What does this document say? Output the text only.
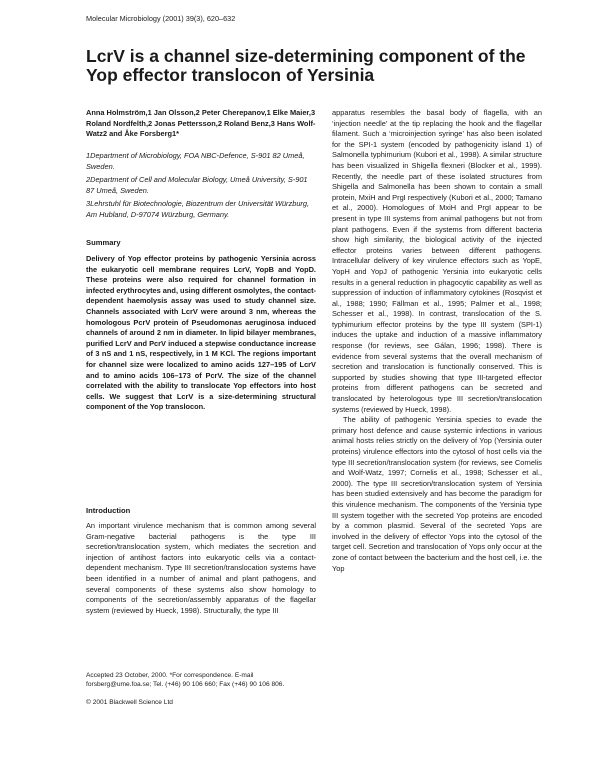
Molecular Microbiology (2001) 39(3), 620–632
LcrV is a channel size-determining component of the Yop effector translocon of Yersinia
Anna Holmström,1 Jan Olsson,2 Peter Cherepanov,1 Elke Maier,3 Roland Nordfelth,2 Jonas Pettersson,2 Roland Benz,3 Hans Wolf-Watz2 and Åke Forsberg1*
1Department of Microbiology, FOA NBC-Defence, S-901 82 Umeå, Sweden.
2Department of Cell and Molecular Biology, Umeå University, S-901 87 Umeå, Sweden.
3Lehrstuhl für Biotechnologie, Biozentrum der Universität Würzburg, Am Hubland, D-97074 Würzburg, Germany.
Summary

Delivery of Yop effector proteins by pathogenic Yersinia across the eukaryotic cell membrane requires LcrV, YopB and YopD. These proteins were also required for channel formation in infected erythrocytes and, using different osmolytes, the contact-dependent haemolysis assay was used to study channel size. Channels associated with LcrV were around 3 nm, whereas the homologous PcrV protein of Pseudomonas aeruginosa induced channels of around 2 nm in diameter. In lipid bilayer membranes, purified LcrV and PcrV induced a stepwise conductance increase of 3 nS and 1 nS, respectively, in 1 M KCl. The regions important for channel size were localized to amino acids 127–195 of LcrV and to amino acids 106–173 of PcrV. The size of the channel correlated with the ability to translocate Yop effectors into host cells. We suggest that LcrV is a size-determining structural component of the Yop translocon.

Introduction

An important virulence mechanism that is common among several Gram-negative bacterial pathogens is the type III secretion/translocation system, which mediates the secretion and injection of antihost factors into eukaryotic cells via a contact-dependent mechanism. Type III secretion/translocation systems have been identified in a number of animal and plant pathogens, and several components of these systems also show homology to components of the secretion/assembly apparatus of the flagellar system (reviewed by Hueck, 1998). Structurally, the type III

Accepted 23 October, 2000. *For correspondence. E-mail forsberg@ume.foa.se; Tel. (+46) 90 106 660; Fax (+46) 90 106 806.

© 2001 Blackwell Science Ltd

apparatus resembles the basal body of flagella, with an ‘injection needle’ at the tip replacing the hook and the flagellar filament. Such a ‘microinjection syringe’ has also been isolated for the SPI-1 system (encoded by pathogenicity island 1) of Salmonella typhimurium (Kubori et al., 1998). A similar structure has been visualized in Shigella flexneri (Blocker et al., 1999). Recently, the needle part of these isolated structures from Shigella and Salmonella has been shown to contain a small protein, MxiH and PrgI respectively (Kubori et al., 2000; Tamano et al., 2000). Homologues of MxiH and PrgI appear to be present in type III systems from animal pathogens but not from plant pathogens. Even if the systems from different bacteria show high similarity, the biological activity of the injected effector proteins varies between different pathogens. Intracellular delivery of key virulence effectors such as YopE, YopH and YopJ of pathogenic Yersinia into eukaryotic cells results in a general reduction in phagocytic capability as well as suppression of induction of inflammatory cytokines (Rosqvist et al., 1988; 1990; Fällman et al., 1995; Palmer et al., 1998; Schesser et al., 1998). In contrast, translocation of the S. typhimurium effector proteins by the type III system (SPI-1) induces the uptake and induction of a massive inflammatory response (for reviews, see Gálan, 1996; 1998). There is evidence from several systems that the overall mechanism of secretion and translocation is functionally conserved. This is supported by studies showing that type III-targeted effector proteins from different pathogens can be secreted and translocated by heterologous type III secretion/translocation systems (reviewed by Hueck, 1998).

The ability of pathogenic Yersinia species to evade the primary host defence and cause systemic infections in various animal hosts relies strictly on the delivery of Yop (Yersinia outer proteins) virulence effectors into the cytosol of host cells via the type III secretion/translocation system (for reviews, see Cornelis and Wolf-Watz, 1997; Cornelis et al., 1998; Schesser et al., 2000). The type III secretion/translocation system of Yersinia has been studied extensively and has become the paradigm for this virulence mechanism. The components of the Yersinia type III system together with the secreted Yop proteins are encoded by a common plasmid. Several of the secreted Yops are involved in the delivery of effector Yops into the cytosol of the target cell. Secretion and translocation of Yops only occur at the zone of contact between the bacterium and the host cell, i.e. the Yop
